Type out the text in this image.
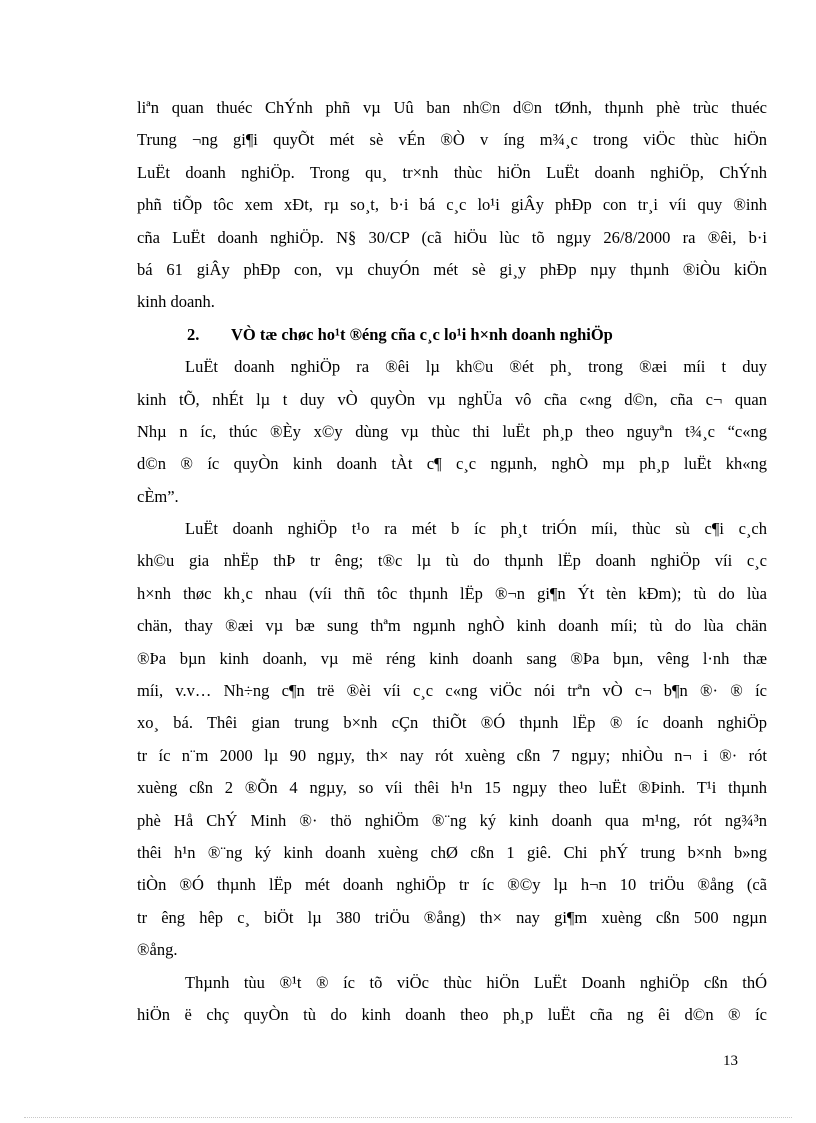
liªn quan thuéc ChÝnh phñ vµ Uû ban nh©n d©n tØnh, thµnh phè trùc thuéc
Trung ¬ng gi¶i quyÕt mét sè vÉn ®Ò v íng m¾¸c trong viÖc thùc hiÖn
LuËt doanh nghiÖp. Trong qu¸ tr×nh thùc hiÖn LuËt doanh nghiÖp, ChÝnh
phñ tiÕp tôc xem xÐt, rµ so¸t, b·i bá c¸c lo¹i giÂy phÐp con tr¸i víi quy ®inh
cña LuËt doanh nghiÖp. N§ 30/CP (cã hiÖu lùc tõ ngµy 26/8/2000 ra ®êi, b·i
bá 61 giÂy phÐp con, vµ chuyÓn mét sè gi¸y phÐp nµy thµnh ®iÒu kiÖn
kinh doanh.
2. VÒ tæ chøc ho¹t ®éng cña c¸c lo¹i h×nh doanh nghiÖp
LuËt doanh nghiÖp ra ®êi lµ kh©u ®ét ph¸ trong ®æi míi t duy
kinh tÕ, nhÉt lµ t duy vÒ quyÒn vµ nghÜa vô cña c«ng d©n, cña c¬ quan
Nhµ n íc, thúc ®Èy x©y dùng vµ thùc thi luËt ph¸p theo nguyªn t¾¸c “c«ng
d©n ® íc quyÒn kinh doanh tÀt c¶ c¸c ngµnh, nghÒ mµ ph¸p luËt kh«ng
cÈm”.
LuËt doanh nghiÖp t¹o ra mét b íc ph¸t triÓn míi, thùc sù c¶i c¸ch
kh©u gia nhËp thÞ tr êng; t®c lµ tù do thµnh lËp doanh nghiÖp víi c¸c
h×nh thøc kh¸c nhau (víi thñ tôc thµnh lËp ®¬n gi¶n Ýt tèn kÐm); tù do lùa
chän, thay ®æi vµ bæ sung thªm ngµnh nghÒ kinh doanh míi; tù do lùa chän
®Þa bµn kinh doanh, vµ më réng kinh doanh sang ®Þa bµn, vêng l·nh thæ
míi, v.v… Nh÷ng c¶n trë ®èi víi c¸c c«ng viÖc nói trªn vÒ c¬ b¶n ®· ® íc
xo¸ bá. Thêi gian trung b×nh cÇn thiÕt ®Ó thµnh lËp ® íc doanh nghiÖp
tr íc n¨m 2000 lµ 90 ngµy, th× nay rót xuèng cßn 7 ngµy; nhiÒu n¬ i ®· rót
xuèng cßn 2 ®Õn 4 ngµy, so víi thêi h¹n 15 ngµy theo luËt ®Þinh. T¹i thµnh
phè Hå ChÝ Minh ®· thö nghiÖm ®¨ng ký kinh doanh qua m¹ng, rót ng¾³n
thêi h¹n ®¨ng ký kinh doanh xuèng chØ cßn 1 giê. Chi phÝ trung b×nh b»ng
tiÒn ®Ó thµnh lËp mét doanh nghiÖp tr íc ®©y lµ h¬n 10 triÖu ®ång (cã
tr êng hêp c¸ biÖt lµ 380 triÖu ®ång) th× nay gi¶m xuèng cßn 500 ngµn
®ång.
Thµnh tùu ®¹t ® íc tõ viÖc thùc hiÖn LuËt Doanh nghiÖp cßn thÓ
hiÖn ë chç quyÒn tù do kinh doanh theo ph¸p luËt cña ng êi d©n ® íc
13
